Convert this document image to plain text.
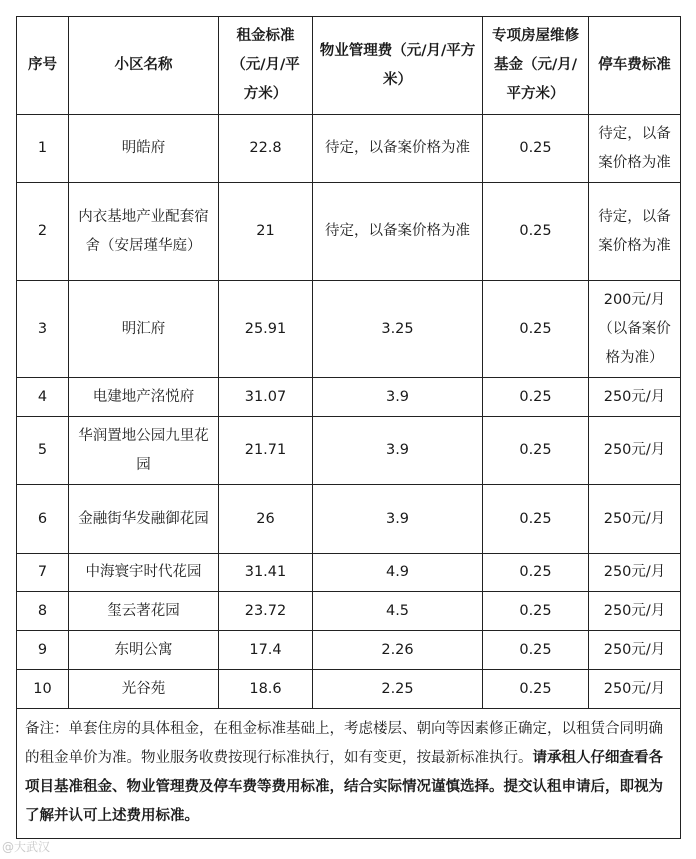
序号	小区名称	租金标准（元/月/平方米）	物业管理费（元/月/平方米）	专项房屋维修基金（元/月/平方米）	停车费标准
1	明皓府	22.8	待定，以备案价格为准	0.25	待定，以备案价格为准
2	内衣基地产业配套宿舍（安居瑾华庭）	21	待定，以备案价格为准	0.25	待定，以备案价格为准
3	明汇府	25.91	3.25	0.25	200元/月（以备案价格为准）
4	电建地产洺悦府	31.07	3.9	0.25	250元/月
5	华润置地公园九里花园	21.71	3.9	0.25	250元/月
6	金融街华发融御花园	26	3.9	0.25	250元/月
7	中海寰宇时代花园	31.41	4.9	0.25	250元/月
8	玺云著花园	23.72	4.5	0.25	250元/月
9	东明公寓	17.4	2.26	0.25	250元/月
10	光谷苑	18.6	2.25	0.25	250元/月
备注：单套住房的具体租金，在租金标准基础上，考虑楼层、朝向等因素修正确定，以租赁合同明确的租金单价为准。物业服务收费按现行标准执行，如有变更，按最新标准执行。请承租人仔细查看各项目基准租金、物业管理费及停车费等费用标准，结合实际情况谨慎选择。提交认租申请后，即视为了解并认可上述费用标准。					
@大武汉
